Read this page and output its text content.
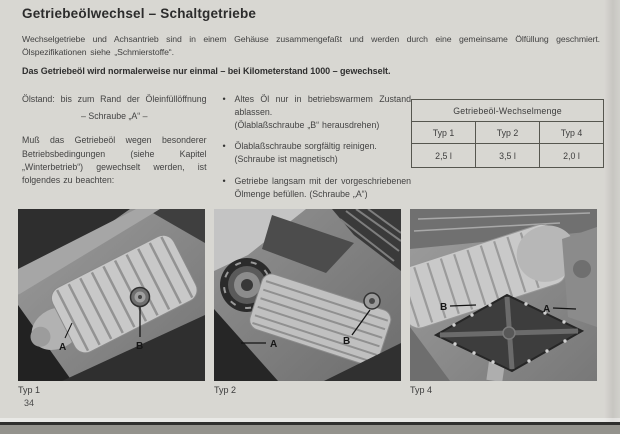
Getriebeölwechsel – Schaltgetriebe

Wechselgetriebe und Achsantrieb sind in einem Gehäuse zusammengefaßt und werden durch eine gemeinsame Ölfüllung geschmiert.
Ölspezifikationen siehe „Schmierstoffe“.

Das Getriebeöl wird normalerweise nur einmal – bei Kilometerstand 1000 – gewechselt.

Ölstand: bis zum Rand der Öleinfüllöffnung

– Schraube „A“ –

Muß das Getriebeöl wegen besonderer Betriebsbedingungen (siehe Kapitel „Winterbetrieb“) gewechselt werden, ist folgendes zu beachten:

•
Altes Öl nur in betriebswarmem Zustand ablassen.
(Ölablaßschraube „B“ herausdrehen)
•
Ölablaßschraube sorgfältig reinigen.
(Schraube ist magnetisch)
•
Getriebe langsam mit der vorgeschriebenen Ölmenge befüllen. (Schraube „A“)
Getriebeöl-Wechselmenge		
Typ 1	Typ 2	Typ 4
2,5 l	3,5 l	2,0 l
B
A
Typ 1
A	B
Typ 2
B	A
Typ 4
34
